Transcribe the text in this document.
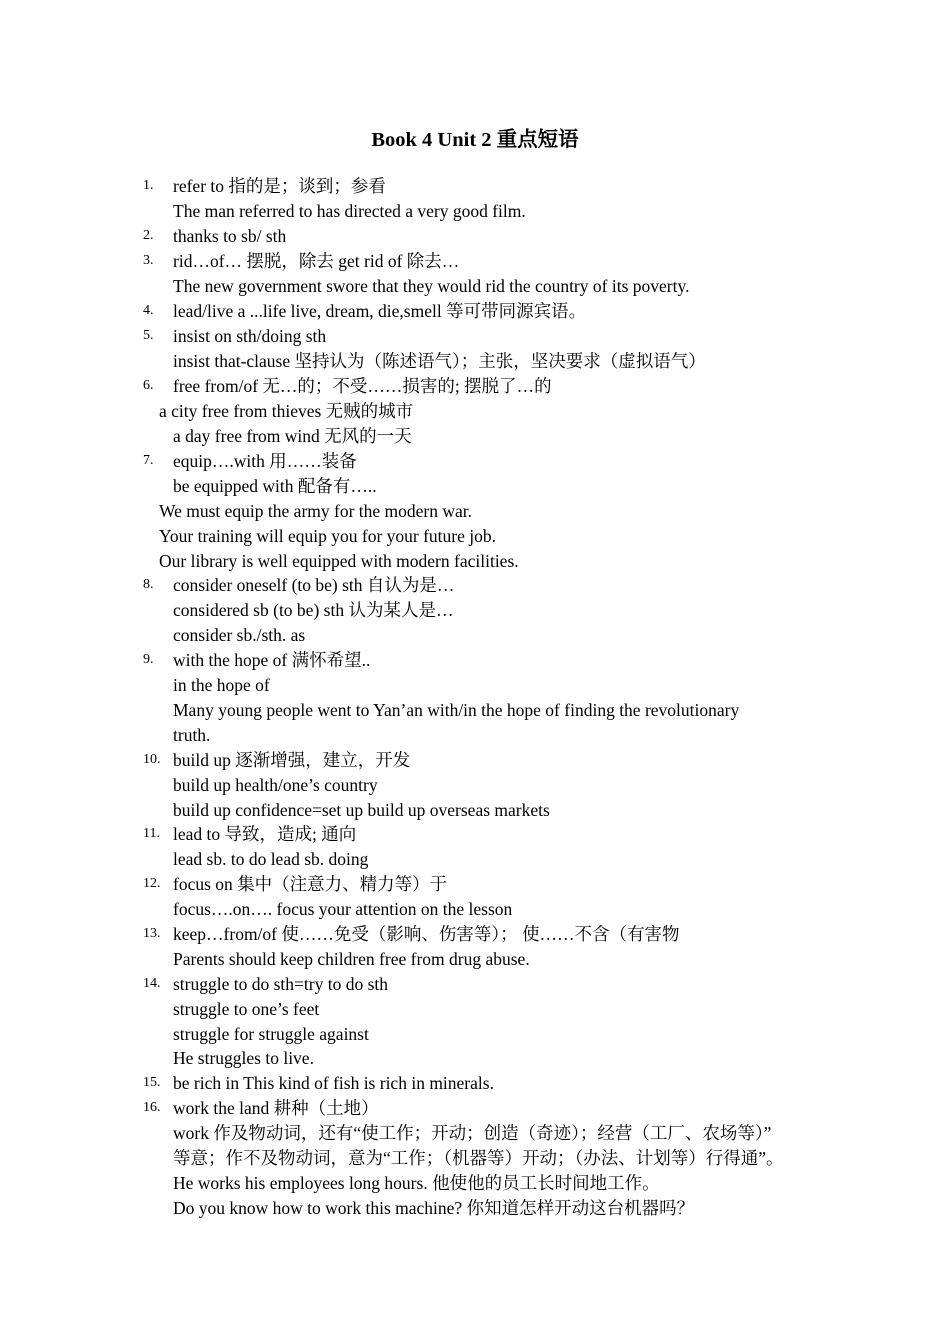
Book 4 Unit 2 重点短语
1.	refer to 指的是；谈到；参看
The man referred to has directed a very good film.
2.	thanks to sb/ sth
3.	rid…of… 摆脱，除去 get rid of 除去…
The new government swore that they would rid the country of its poverty.
4.	lead/live a ...life live, dream, die,smell 等可带同源宾语。
5.	insist on sth/doing sth
insist that-clause 坚持认为（陈述语气）；主张，坚决要求（虚拟语气）
6.	free from/of 无…的；不受……损害的; 摆脱了…的
a city free from thieves 无贼的城市
a day free from wind 无风的一天
7.	equip….with 用……装备
be equipped with 配备有…..
We must equip the army for the modern war.
Your training will equip you for your future job.
Our library is well equipped with modern facilities.
8.	consider oneself (to be) sth 自认为是…
considered sb (to be) sth 认为某人是…
consider sb./sth. as
9.	with the hope of 满怀希望..
in the hope of
Many young people went to Yan’an with/in the hope of finding the revolutionary
truth.
10. build up 逐渐增强，建立，开发
build up health/one’s country
build up confidence=set up build up overseas markets
11. lead to 导致，造成; 通向
lead sb. to do lead sb. doing
12. focus on 集中（注意力、精力等）于
focus….on…. focus your attention on the lesson
13. keep…from/of 使……免受（影响、伤害等）； 使……不含（有害物
Parents should keep children free from drug abuse.
14. struggle to do sth=try to do sth
struggle to one’s feet
struggle for struggle against
He struggles to live.
15. be rich in This kind of fish is rich in minerals.
16. work the land 耕种（土地）
work 作及物动词，还有“使工作；开动；创造（奇迹）；经营（工厂、农场等）”
等意；作不及物动词，意为“工作；（机器等）开动；（办法、计划等）行得通”。
He works his employees long hours. 他使他的员工长时间地工作。
Do you know how to work this machine? 你知道怎样开动这台机器吗？
